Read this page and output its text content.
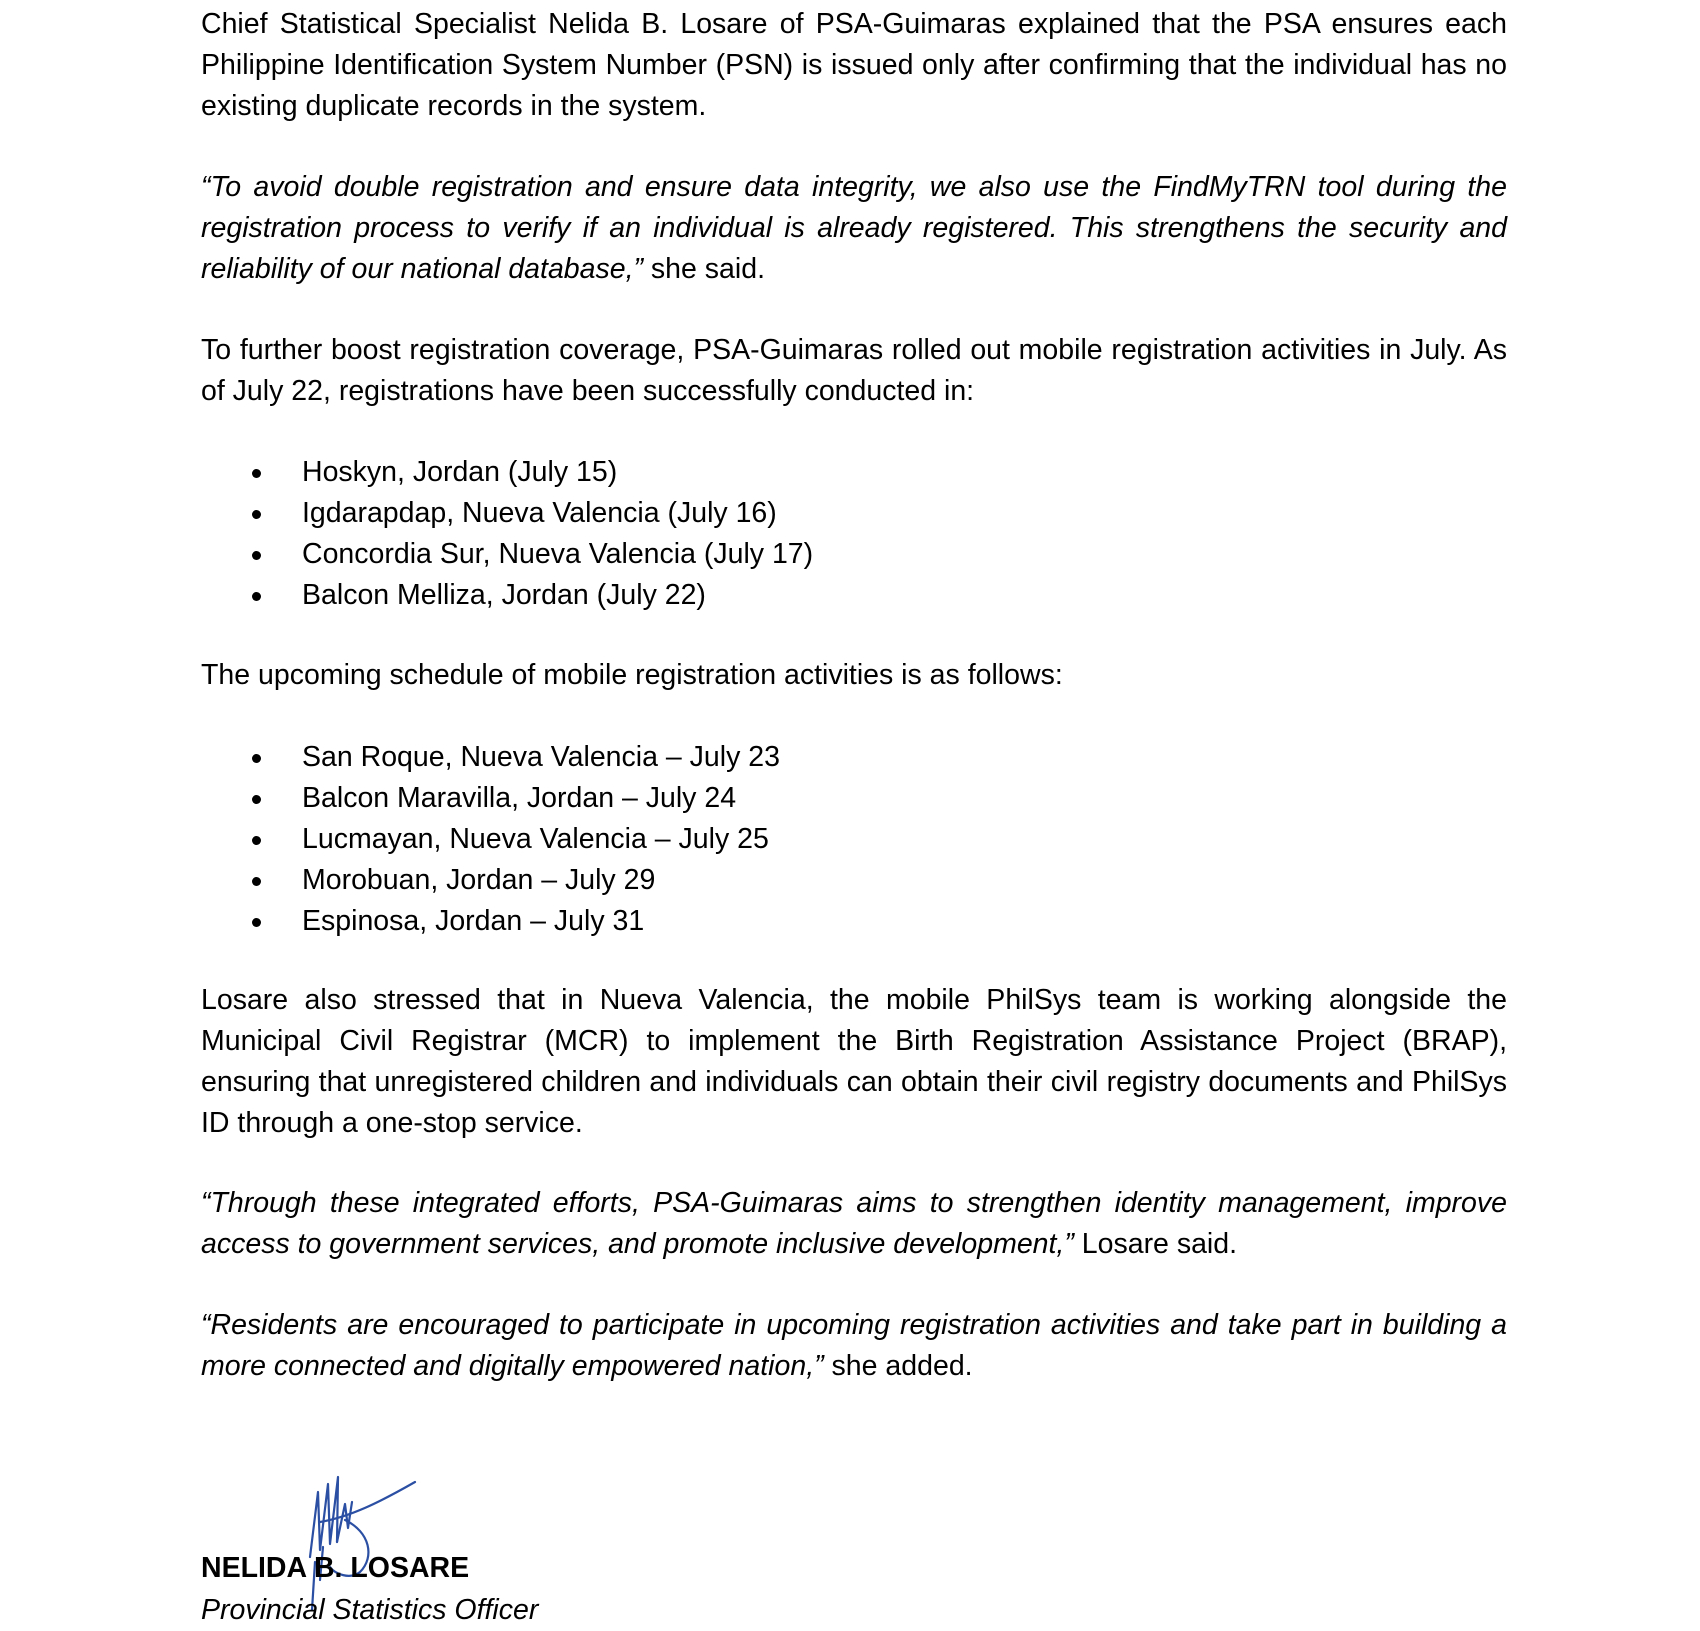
Chief Statistical Specialist Nelida B. Losare of PSA-Guimaras explained that the PSA ensures each Philippine Identification System Number (PSN) is issued only after confirming that the individual has no existing duplicate records in the system.

“To avoid double registration and ensure data integrity, we also use the FindMyTRN tool during the registration process to verify if an individual is already registered. This strengthens the security and reliability of our national database,” she said.

To further boost registration coverage, PSA-Guimaras rolled out mobile registration activities in July. As of July 22, registrations have been successfully conducted in:

Hoskyn, Jordan (July 15)
Igdarapdap, Nueva Valencia (July 16)
Concordia Sur, Nueva Valencia (July 17)
Balcon Melliza, Jordan (July 22)

The upcoming schedule of mobile registration activities is as follows:

San Roque, Nueva Valencia – July 23
Balcon Maravilla, Jordan – July 24
Lucmayan, Nueva Valencia – July 25
Morobuan, Jordan – July 29
Espinosa, Jordan – July 31

Losare also stressed that in Nueva Valencia, the mobile PhilSys team is working alongside the Municipal Civil Registrar (MCR) to implement the Birth Registration Assistance Project (BRAP), ensuring that unregistered children and individuals can obtain their civil registry documents and PhilSys ID through a one-stop service.

“Through these integrated efforts, PSA-Guimaras aims to strengthen identity management, improve access to government services, and promote inclusive development,” Losare said.

“Residents are encouraged to participate in upcoming registration activities and take part in building a more connected and digitally empowered nation,” she added.

NELIDA B. LOSARE

Provincial Statistics Officer
